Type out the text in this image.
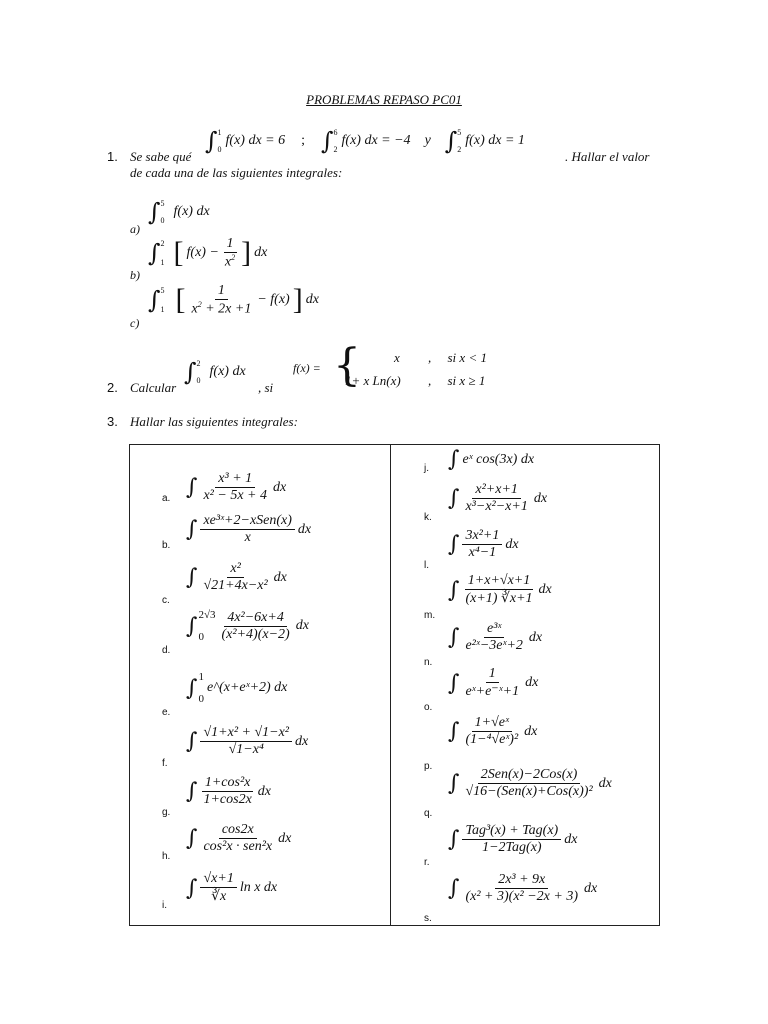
PROBLEMAS REPASO PC01
1. Se sabe qué
∫ 1
0
f(x) dx = 6 ; ∫ 6
2
f(x) dx = −4 y ∫ 5
2
f(x) dx = 1
. Hallar el valor
de cada una de las siguientes integrales:
a)
∫ 5
0
f(x) dx
b)
∫ 2
1 [ $f(x) - \frac{1}{x^2}$ ] dx
c)
∫ 5
1 [ $\frac{1}{x^2 + 2x +1} - f(x)$ ] dx
2. Calcular
∫ 2
0
f(x) dx
, si
f(x) = {	x ,     si x < 1
1+ x Ln(x) ,     si x ≥ 1
3. Hallar las siguientes integrales:
a. ∫ $\frac{\text{x³ + 1}}{\text{x² − 5x + 4}}$ dx
b.
∫ $\frac{\text{xe³ˣ+2−xSen(x)}}{x}$ dx
c.
∫ $\frac{\text{x²}}{\text{√21+4x−x²}}$ dx
d.
∫ 2√3
0	$\frac{\text{4x²−6x+4}}{\text{(x²+4)(x−2)}}$ dx
e.
∫ 1
0
e^(x+eˣ+2) dx
f.
∫ $\frac{\text{√1+x² + √1−x²}}{\text{√1−x⁴}}$ dx
g.
∫ $\frac{\text{1+cos²x}}{1+\cos 2x}$ dx
h.
∫ $\frac{\cos 2x}{\text{cos²x · sen²x}}$ dx
i.
∫ $\frac{√x+1}{∛x}$ ln x dx
j. ∫ eˣ cos(3x) dx
k.
∫ $\frac{\text{x²+x+1}}{\text{x³−x²−x+1}}$ dx
l.
∫ $\frac{\text{3x²+1}}{\text{x⁴−1}}$ dx
m.
∫ $\frac{1+x+√x+1}{(x+1) ∛x+1}$ dx
n.
∫ $\frac{\text{e³ˣ}}{\text{e²ˣ−3eˣ+2}}$ dx
o.
∫ $\frac{1}{\text{eˣ+e⁻ˣ+1}}$ dx
p.
∫ $\frac{\text{1+√eˣ}}{\text{(1−⁴√eˣ)²}}$ dx
q.
∫ $\frac{\text{2Sen(x)−2Cos(x)}}{\text{√16−(Sen(x)+Cos(x))²}}$ dx
r.
∫ $\frac{\text{Tag³(x) + Tag(x)}}{\text{1−2Tag(x)}}$ dx
s.
∫ $\frac{\text{2x³ + 9x}}{\text{(x² + 3)(x² −2x + 3)}}$ dx
